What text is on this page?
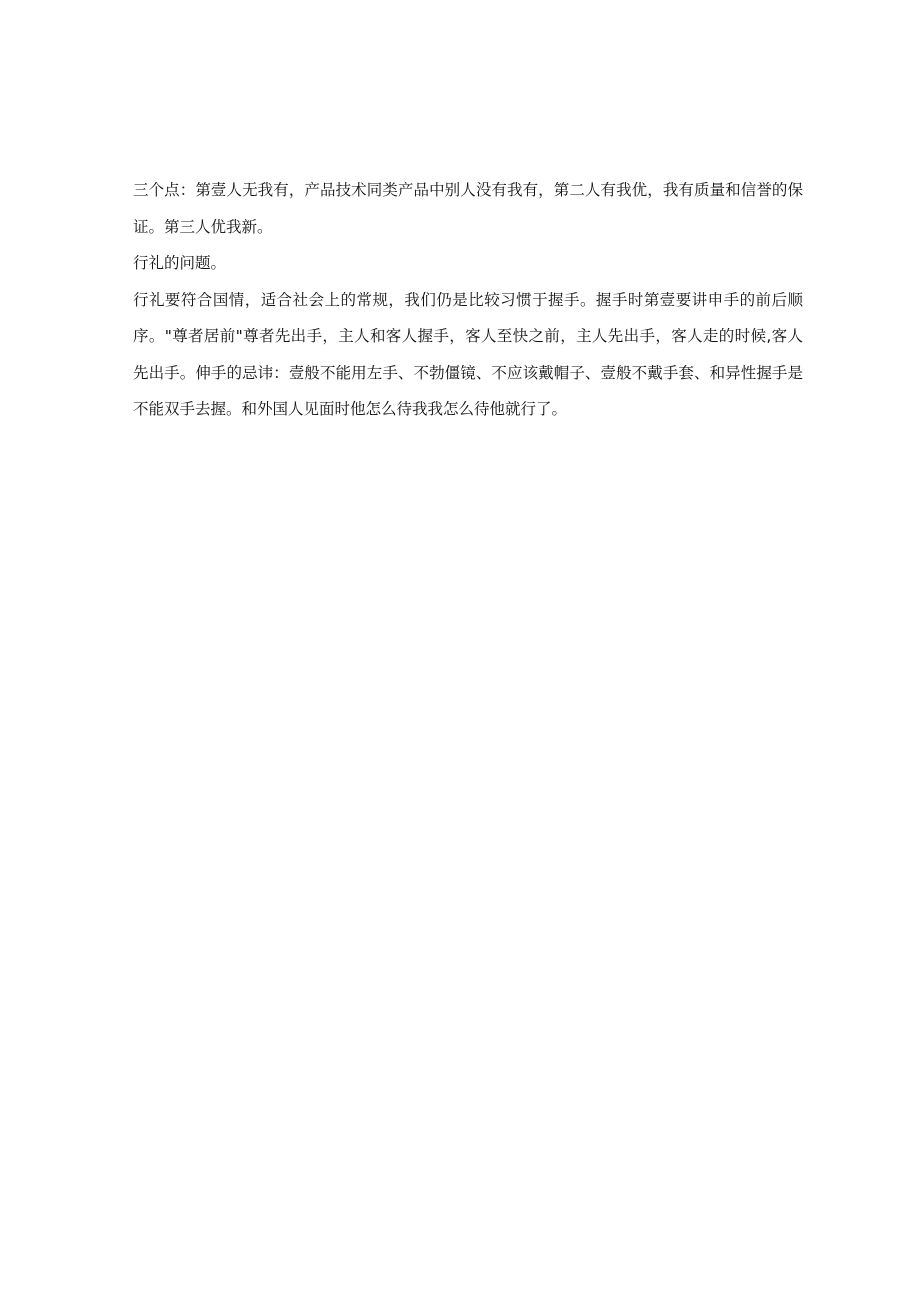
三个点：第壹人无我有，产品技术同类产品中别人没有我有，第二人有我优，我有质量和信誉的保证。第三人优我新。

行礼的问题。

行礼要符合国情，适合社会上的常规，我们仍是比较习惯于握手。握手时第壹要讲申手的前后顺序。"尊者居前"尊者先出手，主人和客人握手，客人至快之前，主人先出手，客人走的时候,客人先出手。伸手的忌讳：壹般不能用左手、不勃僵镜、不应该戴帽子、壹般不戴手套、和异性握手是不能双手去握。和外国人见面时他怎么待我我怎么待他就行了。
